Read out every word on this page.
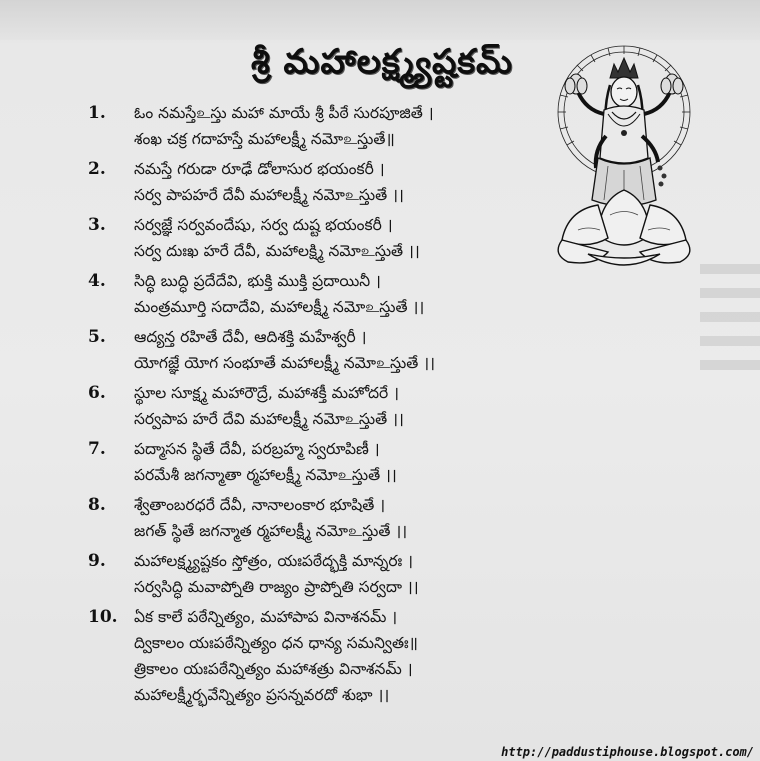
శ్రీ మహాలక్ష్మ్యష్టకమ్
1.	ఓం నమస్తేஉస్తు మహా మాయే శ్రీ పీఠే సురపూజితే ।
శంఖ చక్ర గదాహస్తే మహాలక్ష్మీ నమోஉస్తుతే॥
2.	నమస్తే గరుడా రూఢే డోలాసుర భయంకరీ ।
సర్వ పాపహరే దేవీ మహాలక్ష్మీ నమోஉస్తుతే ।।
3.	సర్వజ్ఞే సర్వవందేషు, సర్వ దుష్ట భయంకరీ ।
సర్వ దుఃఖ హరే దేవీ, మహాలక్ష్మి నమోஉస్తుతే ।।
4.	సిద్ధి బుద్ధి ప్రదేదేవి, భుక్తి ముక్తి ప్రదాయినీ ।
మంత్రమూర్తి సదాదేవి, మహాలక్ష్మీ నమోஉస్తుతే ।।
5.	ఆద్యన్త రహితే దేవీ, ఆదిశక్తి మహేశ్వరీ ।
యోగజ్ఞే యోగ సంభూతే మహాలక్ష్మీ నమోஉస్తుతే ।।
6.	స్థూల సూక్ష్మ మహారౌద్రే, మహాశక్తీ మహోదరే ।
సర్వపాప హరే దేవి మహాలక్ష్మీ నమోஉస్తుతే ।।
7.	పద్మాసన స్థితే దేవీ, పరబ్రహ్మ స్వరూపిణీ ।
పరమేశీ జగన్మాతా ర్మహాలక్ష్మీ నమోஉస్తుతే ।।
8.	శ్వేతాంబరధరే దేవీ, నానాలంకార భూషితే ।
జగత్ స్థితే జగన్మాత ర్మహాలక్ష్మీ నమోஉస్తుతే ।।
9.	మహాలక్ష్మ్యష్టకం స్తోత్రం, యఃపఠేద్భక్తి మాన్నరః ।
సర్వసిద్ధి మవాప్నోతి రాజ్యం ప్రాప్నోతి సర్వదా ।।
10.	ఏక కాలే పఠేన్నిత్యం, మహాపాప వినాశనమ్ ।
ద్వికాలం యఃపఠేన్నిత్యం ధన ధాన్య సమన్వితః॥
త్రికాలం యఃపఠేన్నిత్యం మహాశత్రు వినాశనమ్ ।
మహాలక్ష్మీర్భవేన్నిత్యం ప్రసన్నవరదో శుభా ।।
http://paddustiphouse.blogspot.com/
